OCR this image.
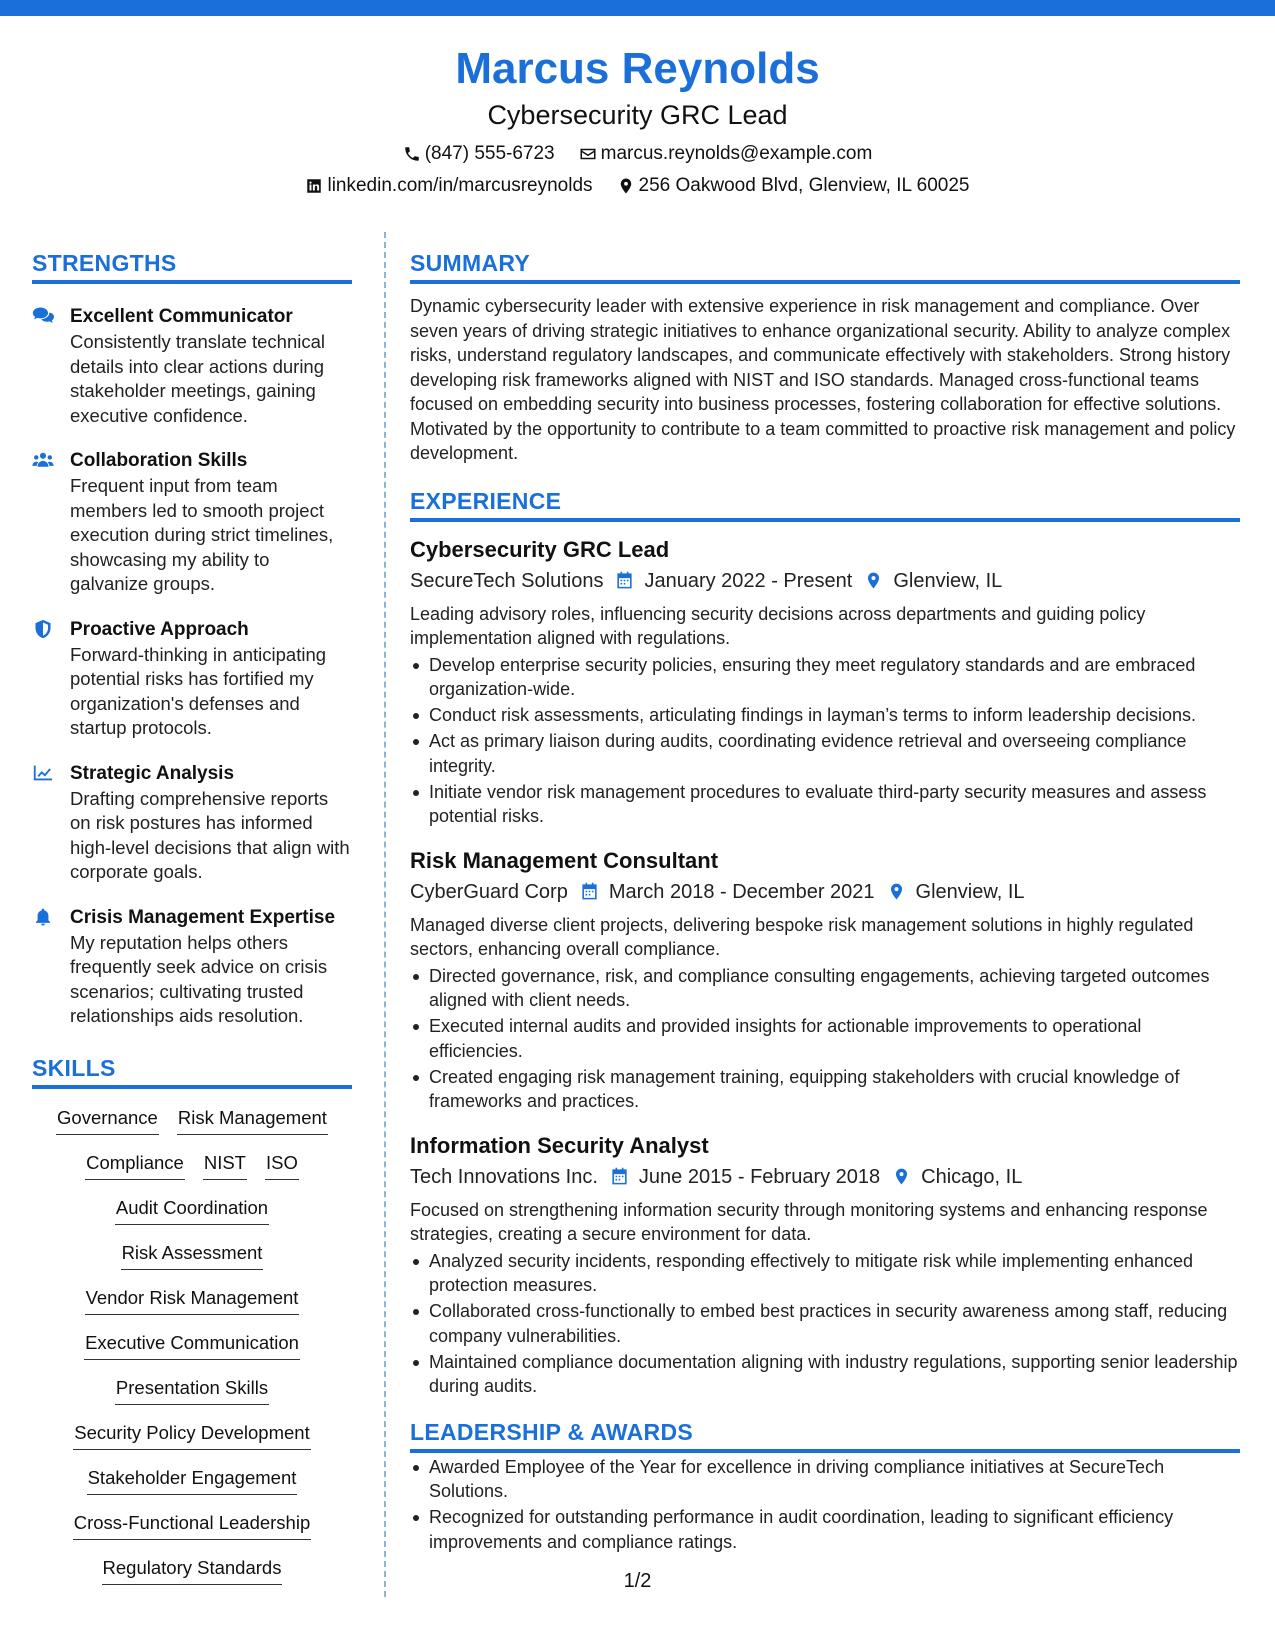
Marcus Reynolds
Cybersecurity GRC Lead
(847) 555-6723 marcus.reynolds@example.com
linkedin.com/in/marcusreynolds 256 Oakwood Blvd, Glenview, IL 60025
STRENGTHS
Excellent Communicator
Consistently translate technical details into clear actions during stakeholder meetings, gaining executive confidence.
Collaboration Skills
Frequent input from team members led to smooth project execution during strict timelines, showcasing my ability to galvanize groups.
Proactive Approach
Forward-thinking in anticipating potential risks has fortified my organization's defenses and startup protocols.
Strategic Analysis
Drafting comprehensive reports on risk postures has informed high-level decisions that align with corporate goals.
Crisis Management Expertise
My reputation helps others frequently seek advice on crisis scenarios; cultivating trusted relationships aids resolution.
SKILLS
Governance Risk Management
Compliance NIST ISO
Audit Coordination
Risk Assessment
Vendor Risk Management
Executive Communication
Presentation Skills
Security Policy Development
Stakeholder Engagement
Cross-Functional Leadership
Regulatory Standards
SUMMARY

Dynamic cybersecurity leader with extensive experience in risk management and compliance. Over seven years of driving strategic initiatives to enhance organizational security. Ability to analyze complex risks, understand regulatory landscapes, and communicate effectively with stakeholders. Strong history developing risk frameworks aligned with NIST and ISO standards. Managed cross-functional teams focused on embedding security into business processes, fostering collaboration for effective solutions. Motivated by the opportunity to contribute to a team committed to proactive risk management and policy development.

EXPERIENCE
Cybersecurity GRC Lead
SecureTech Solutions January 2022 - Present Glenview, IL

Leading advisory roles, influencing security decisions across departments and guiding policy implementation aligned with regulations.

Develop enterprise security policies, ensuring they meet regulatory standards and are embraced organization-wide.
Conduct risk assessments, articulating findings in layman’s terms to inform leadership decisions.
Act as primary liaison during audits, coordinating evidence retrieval and overseeing compliance integrity.
Initiate vendor risk management procedures to evaluate third-party security measures and assess potential risks.
Risk Management Consultant
CyberGuard Corp March 2018 - December 2021 Glenview, IL

Managed diverse client projects, delivering bespoke risk management solutions in highly regulated sectors, enhancing overall compliance.

Directed governance, risk, and compliance consulting engagements, achieving targeted outcomes aligned with client needs.
Executed internal audits and provided insights for actionable improvements to operational efficiencies.
Created engaging risk management training, equipping stakeholders with crucial knowledge of frameworks and practices.
Information Security Analyst
Tech Innovations Inc. June 2015 - February 2018 Chicago, IL

Focused on strengthening information security through monitoring systems and enhancing response strategies, creating a secure environment for data.

Analyzed security incidents, responding effectively to mitigate risk while implementing enhanced protection measures.
Collaborated cross-functionally to embed best practices in security awareness among staff, reducing company vulnerabilities.
Maintained compliance documentation aligning with industry regulations, supporting senior leadership during audits.
LEADERSHIP & AWARDS
Awarded Employee of the Year for excellence in driving compliance initiatives at SecureTech Solutions.
Recognized for outstanding performance in audit coordination, leading to significant efficiency improvements and compliance ratings.
1/2
